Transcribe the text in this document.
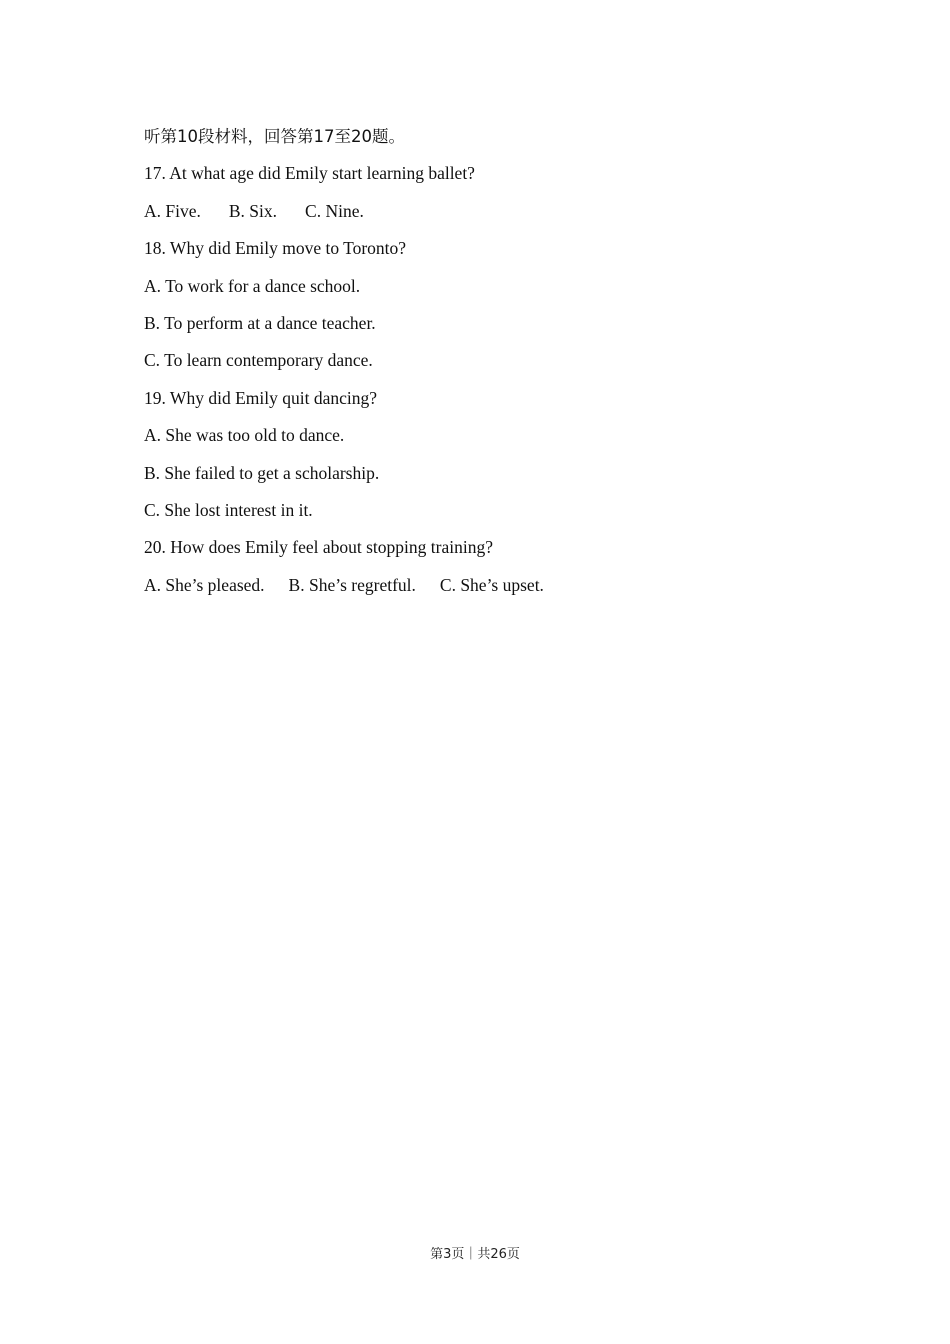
听第10段材料，回答第17至20题。
17. At what age did Emily start learning ballet?
A. Five. B. Six. C. Nine.
18. Why did Emily move to Toronto?
A. To work for a dance school.
B. To perform at a dance teacher.
C. To learn contemporary dance.
19. Why did Emily quit dancing?
A. She was too old to dance.
B. She failed to get a scholarship.
C. She lost interest in it.
20. How does Emily feel about stopping training?
A. She’s pleased. B. She’s regretful. C. She’s upset.
第3页｜共26页
